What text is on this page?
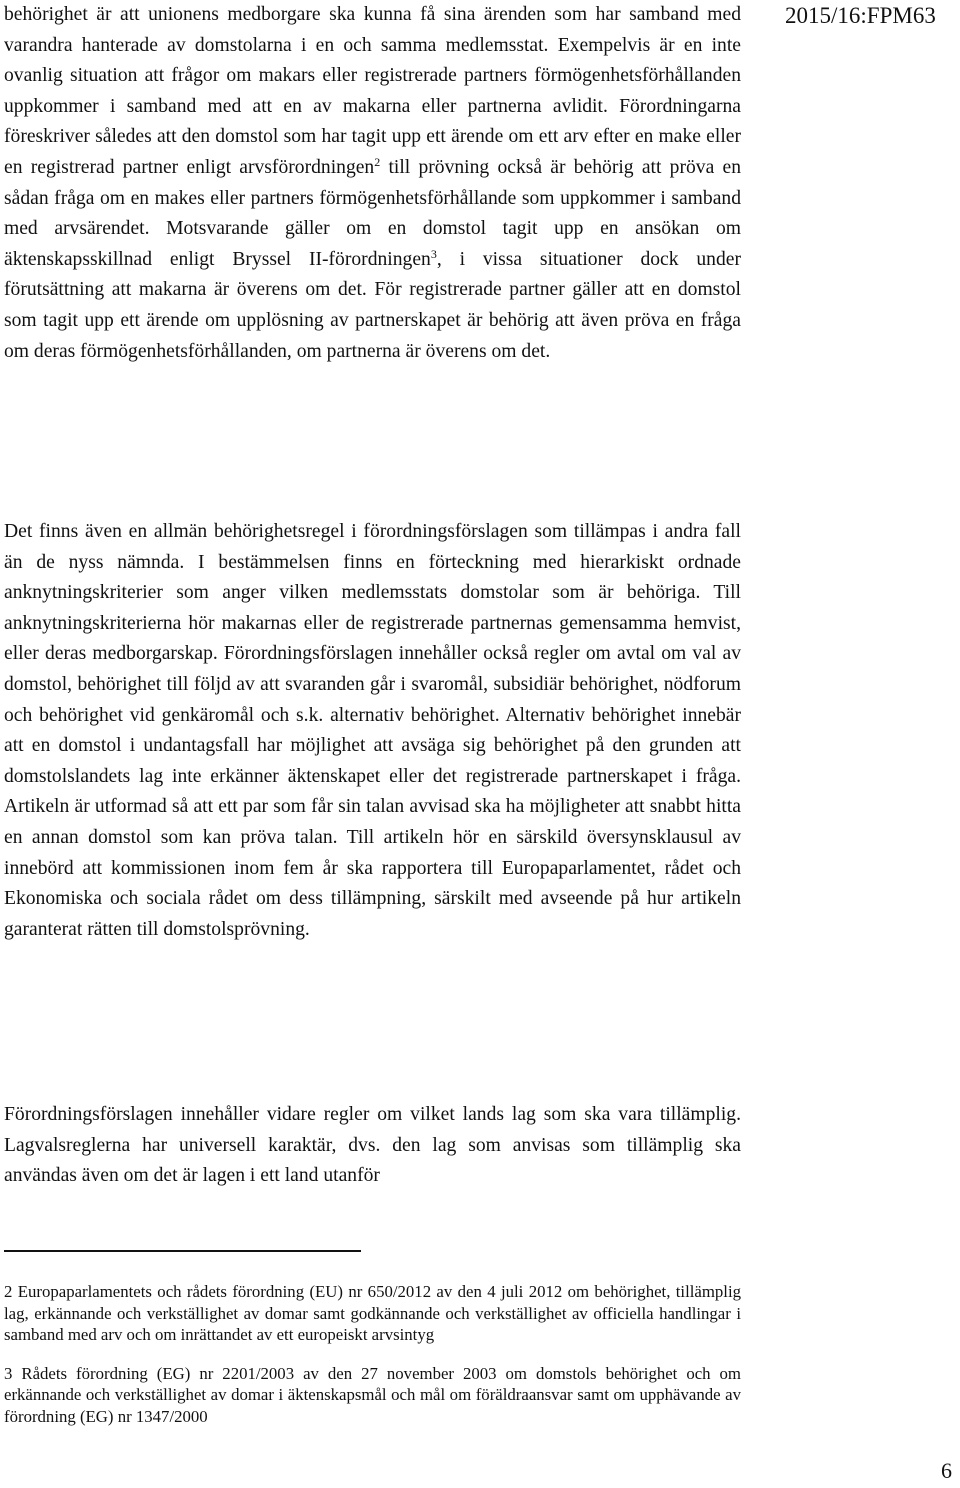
2015/16:FPM63

behörighet är att unionens medborgare ska kunna få sina ärenden som har samband med varandra hanterade av domstolarna i en och samma medlemsstat. Exempelvis är en inte ovanlig situation att frågor om makars eller registrerade partners förmögenhetsförhållanden uppkommer i samband med att en av makarna eller partnerna avlidit. Förordningarna föreskriver således att den domstol som har tagit upp ett ärende om ett arv efter en make eller en registrerad partner enligt arvsförordningen$^2$ till prövning också är behörig att pröva en sådan fråga om en makes eller partners förmögenhetsförhållande som uppkommer i samband med arvsärendet. Motsvarande gäller om en domstol tagit upp en ansökan om äktenskapsskillnad enligt Bryssel II-förordningen$^3$, i vissa situationer dock under förutsättning att makarna är överens om det. För registrerade partner gäller att en domstol som tagit upp ett ärende om upplösning av partnerskapet är behörig att även pröva en fråga om deras förmögenhetsförhållanden, om partnerna är överens om det.

Det finns även en allmän behörighetsregel i förordningsförslagen som tillämpas i andra fall än de nyss nämnda. I bestämmelsen finns en förteckning med hierarkiskt ordnade anknytningskriterier som anger vilken medlemsstats domstolar som är behöriga. Till anknytningskriterierna hör makarnas eller de registrerade partnernas gemensamma hemvist, eller deras medborgarskap. Förordningsförslagen innehåller också regler om avtal om val av domstol, behörighet till följd av att svaranden går i svaromål, subsidiär behörighet, nödforum och behörighet vid genkäromål och s.k. alternativ behörighet. Alternativ behörighet innebär att en domstol i undantagsfall har möjlighet att avsäga sig behörighet på den grunden att domstolslandets lag inte erkänner äktenskapet eller det registrerade partnerskapet i fråga. Artikeln är utformad så att ett par som får sin talan avvisad ska ha möjligheter att snabbt hitta en annan domstol som kan pröva talan. Till artikeln hör en särskild översynsklausul av innebörd att kommissionen inom fem år ska rapportera till Europaparlamentet, rådet och Ekonomiska och sociala rådet om dess tillämpning, särskilt med avseende på hur artikeln garanterat rätten till domstolsprövning.

Förordningsförslagen innehåller vidare regler om vilket lands lag som ska vara tillämplig. Lagvalsreglerna har universell karaktär, dvs. den lag som anvisas som tillämplig ska användas även om det är lagen i ett land utanför

2 Europaparlamentets och rådets förordning (EU) nr 650/2012 av den 4 juli 2012 om behörighet, tillämplig lag, erkännande och verkställighet av domar samt godkännande och verkställighet av officiella handlingar i samband med arv och om inrättandet av ett europeiskt arvsintyg

3 Rådets förordning (EG) nr 2201/2003 av den 27 november 2003 om domstols behörighet och om erkännande och verkställighet av domar i äktenskapsmål och mål om föräldraansvar samt om upphävande av förordning (EG) nr 1347/2000

6
